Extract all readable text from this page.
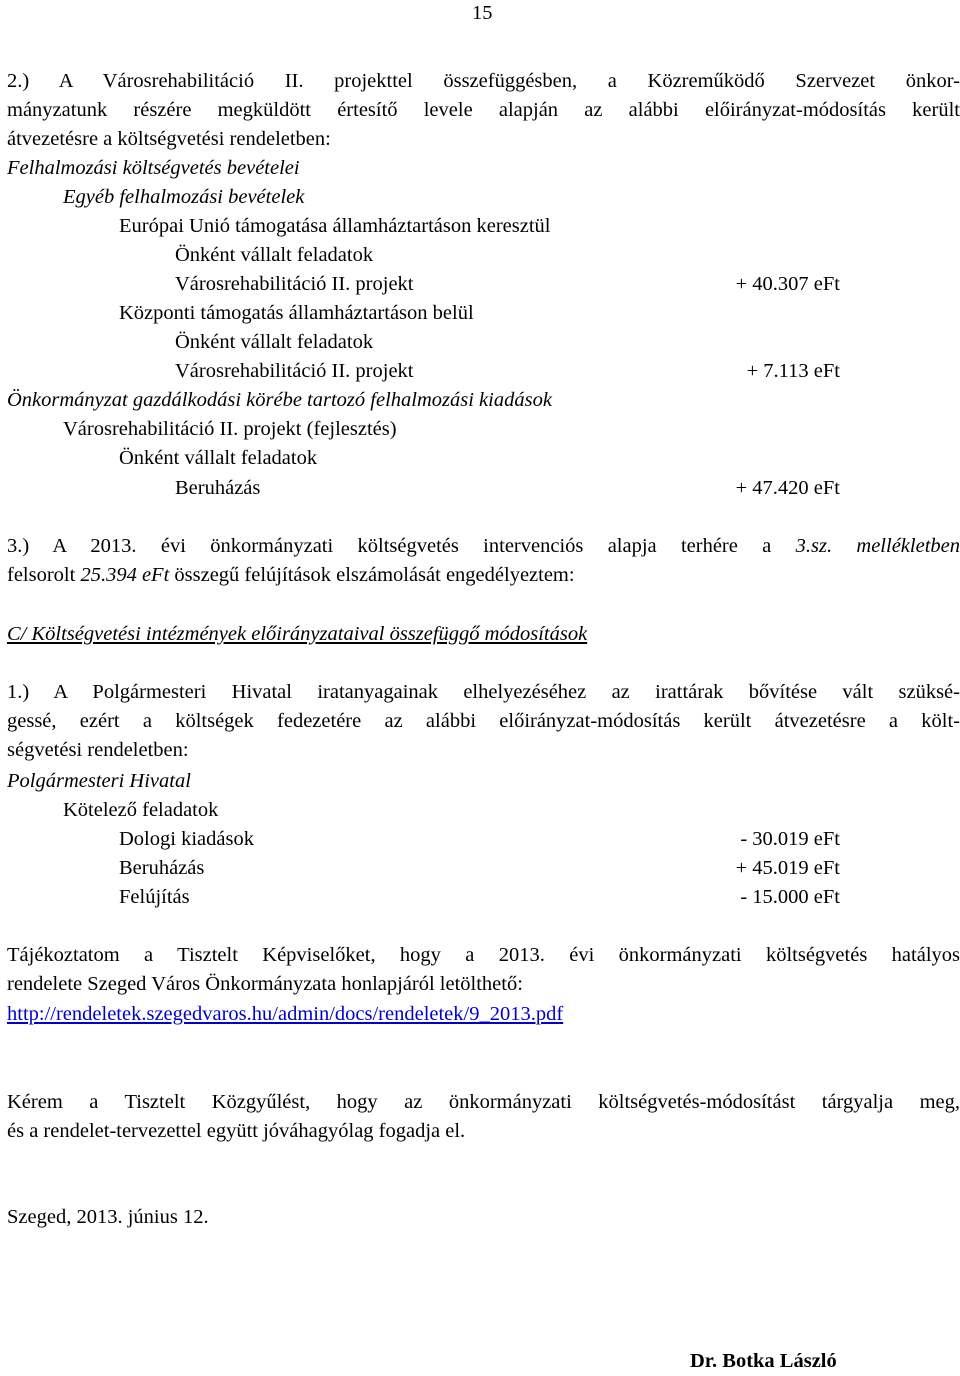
15
2.) A Városrehabilitáció II. projekttel összefüggésben, a Közreműködő Szervezet önkor-
mányzatunk részére megküldött értesítő levele alapján az alábbi előirányzat-módosítás került
átvezetésre a költségvetési rendeletben:
Felhalmozási költségvetés bevételei
Egyéb felhalmozási bevételek
Európai Unió támogatása államháztartáson keresztül
Önként vállalt feladatok
Városrehabilitáció II. projekt	+ 40.307 eFt
Központi támogatás államháztartáson belül
Önként vállalt feladatok
Városrehabilitáció II. projekt	+ 7.113 eFt
Önkormányzat gazdálkodási körébe tartozó felhalmozási kiadások
Városrehabilitáció II. projekt (fejlesztés)
Önként vállalt feladatok
Beruházás	+ 47.420 eFt
3.) A 2013. évi önkormányzati költségvetés intervenciós alapja terhére a 3.sz. mellékletben
felsorolt 25.394 eFt összegű felújítások elszámolását engedélyeztem:
C/ Költségvetési intézmények előirányzataival összefüggő módosítások
1.) A Polgármesteri Hivatal iratanyagainak elhelyezéséhez az irattárak bővítése vált szüksé-
gessé, ezért a költségek fedezetére az alábbi előirányzat-módosítás került átvezetésre a költ-
ségvetési rendeletben:
Polgármesteri Hivatal
Kötelező feladatok
Dologi kiadások	- 30.019 eFt
Beruházás	+ 45.019 eFt
Felújítás	- 15.000 eFt
Tájékoztatom a Tisztelt Képviselőket, hogy a 2013. évi önkormányzati költségvetés hatályos
rendelete Szeged Város Önkormányzata honlapjáról letölthető:
http://rendeletek.szegedvaros.hu/admin/docs/rendeletek/9_2013.pdf
Kérem a Tisztelt Közgyűlést, hogy az önkormányzati költségvetés-módosítást tárgyalja meg,
és a rendelet-tervezettel együtt jóváhagyólag fogadja el.
Szeged, 2013. június 12.
Dr. Botka László
